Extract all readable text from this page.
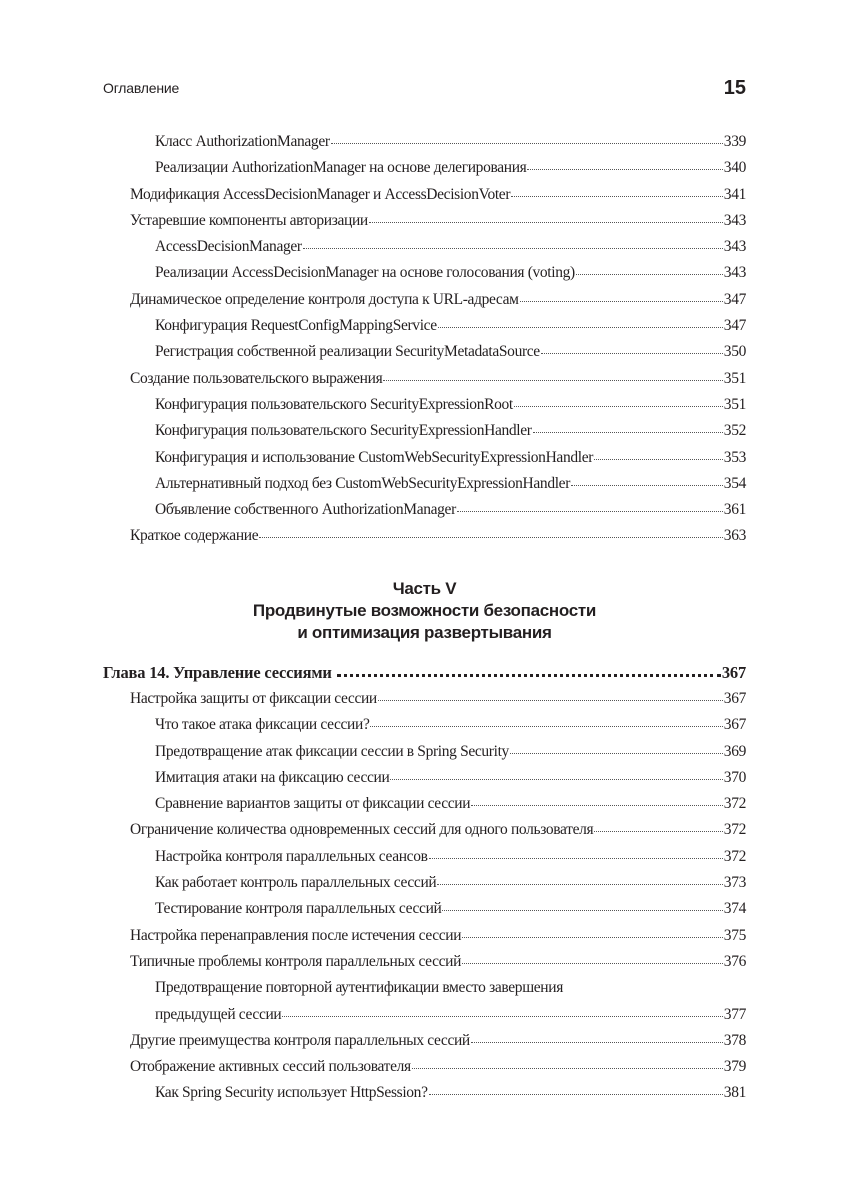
Оглавление	15
Класс AuthorizationManager	339
Реализации AuthorizationManager на основе делегирования	340
Модификация AccessDecisionManager и AccessDecisionVoter	341
Устаревшие компоненты авторизации	343
AccessDecisionManager	343
Реализации AccessDecisionManager на основе голосования (voting)	343
Динамическое определение контроля доступа к URL-адресам	347
Конфигурация RequestConfigMappingService	347
Регистрация собственной реализации SecurityMetadataSource	350
Создание пользовательского выражения	351
Конфигурация пользовательского SecurityExpressionRoot	351
Конфигурация пользовательского SecurityExpressionHandler	352
Конфигурация и использование CustomWebSecurityExpressionHandler	353
Альтернативный подход без CustomWebSecurityExpressionHandler	354
Объявление собственного AuthorizationManager	361
Краткое содержание	363
Часть V
Продвинутые возможности безопасности
и оптимизация развертывания
Глава 14. Управление сессиями	367
Настройка защиты от фиксации сессии	367
Что такое атака фиксации сессии?	367
Предотвращение атак фиксации сессии в Spring Security	369
Имитация атаки на фиксацию сессии	370
Сравнение вариантов защиты от фиксации сессии	372
Ограничение количества одновременных сессий для одного пользователя	372
Настройка контроля параллельных сеансов	372
Как работает контроль параллельных сессий	373
Тестирование контроля параллельных сессий	374
Настройка перенаправления после истечения сессии	375
Типичные проблемы контроля параллельных сессий	376
Предотвращение повторной аутентификации вместо завершения
предыдущей сессии	377
Другие преимущества контроля параллельных сессий	378
Отображение активных сессий пользователя	379
Как Spring Security использует HttpSession?	381
